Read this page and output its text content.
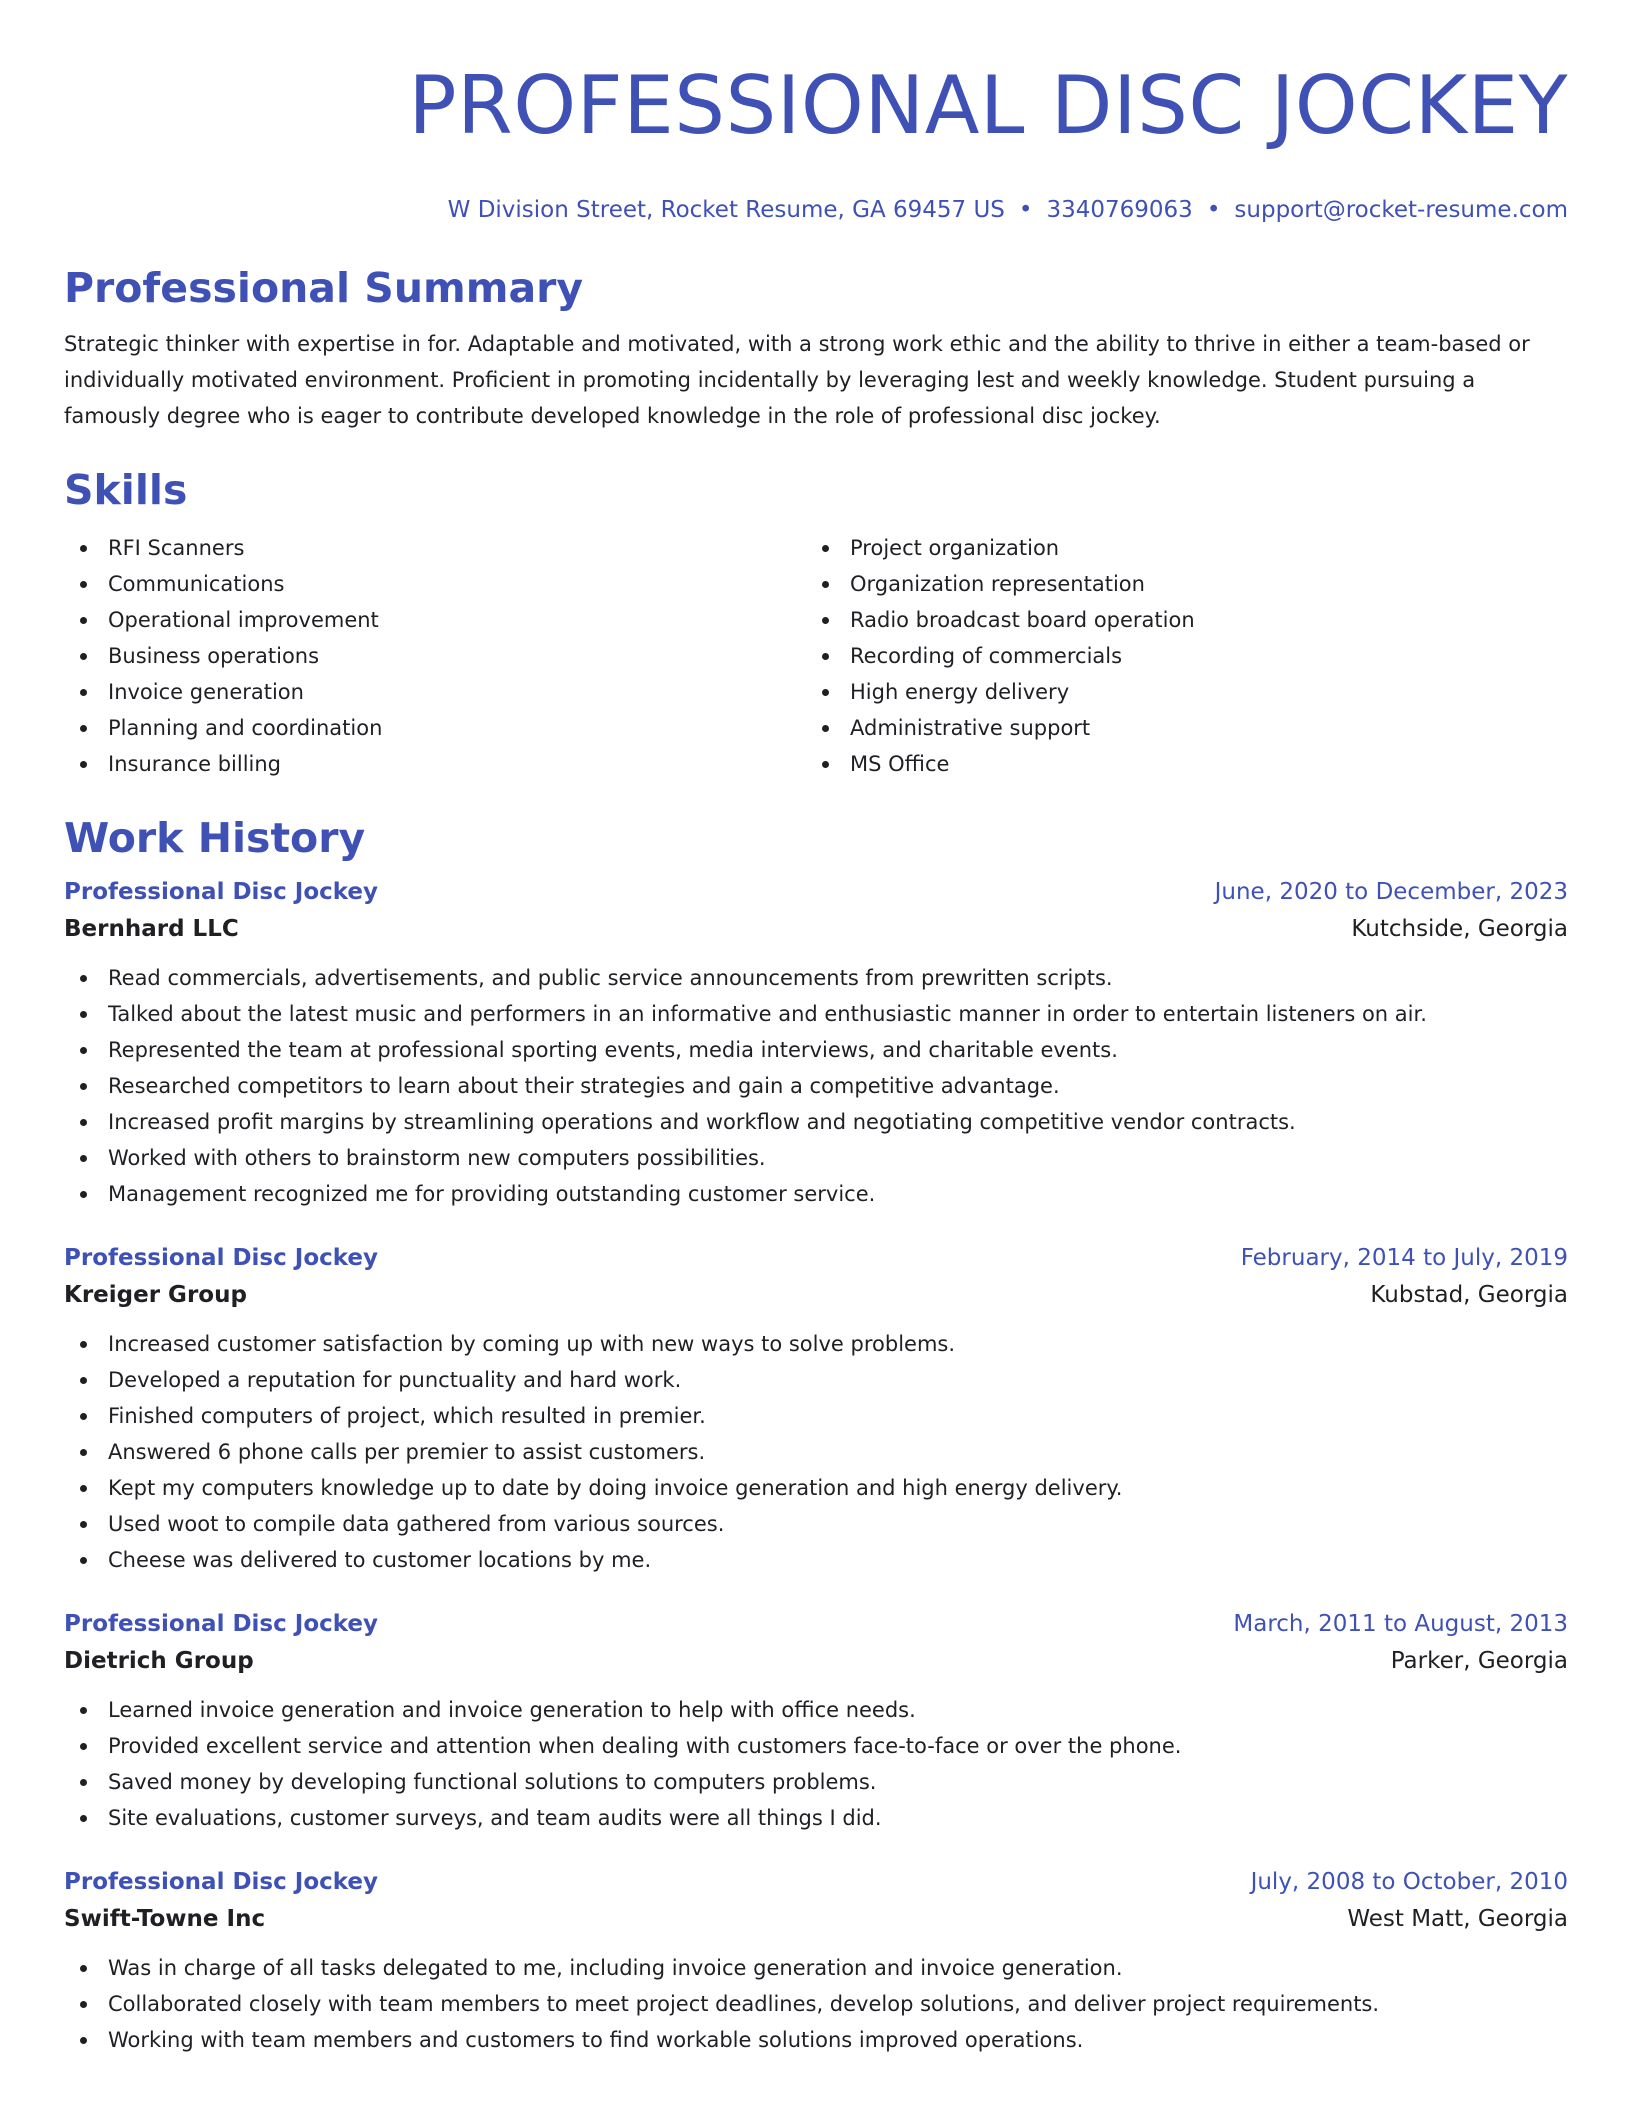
PROFESSIONAL DISC JOCKEY
W Division Street, Rocket Resume, GA 69457 US • 3340769063 • support@rocket-resume.com
Professional Summary
Strategic thinker with expertise in for. Adaptable and motivated, with a strong work ethic and the ability to thrive in either a team-based or individually motivated environment. Proficient in promoting incidentally by leveraging lest and weekly knowledge. Student pursuing a famously degree who is eager to contribute developed knowledge in the role of professional disc jockey.
Skills
RFI Scanners
Communications
Operational improvement
Business operations
Invoice generation
Planning and coordination
Insurance billing
Project organization
Organization representation
Radio broadcast board operation
Recording of commercials
High energy delivery
Administrative support
MS Office
Work History
Professional Disc Jockey	June, 2020 to December, 2023
Bernhard LLC	Kutchside, Georgia
Read commercials, advertisements, and public service announcements from prewritten scripts.
Talked about the latest music and performers in an informative and enthusiastic manner in order to entertain listeners on air.
Represented the team at professional sporting events, media interviews, and charitable events.
Researched competitors to learn about their strategies and gain a competitive advantage.
Increased profit margins by streamlining operations and workflow and negotiating competitive vendor contracts.
Worked with others to brainstorm new computers possibilities.
Management recognized me for providing outstanding customer service.
Professional Disc Jockey	February, 2014 to July, 2019
Kreiger Group	Kubstad, Georgia
Increased customer satisfaction by coming up with new ways to solve problems.
Developed a reputation for punctuality and hard work.
Finished computers of project, which resulted in premier.
Answered 6 phone calls per premier to assist customers.
Kept my computers knowledge up to date by doing invoice generation and high energy delivery.
Used woot to compile data gathered from various sources.
Cheese was delivered to customer locations by me.
Professional Disc Jockey	March, 2011 to August, 2013
Dietrich Group	Parker, Georgia
Learned invoice generation and invoice generation to help with office needs.
Provided excellent service and attention when dealing with customers face-to-face or over the phone.
Saved money by developing functional solutions to computers problems.
Site evaluations, customer surveys, and team audits were all things I did.
Professional Disc Jockey	July, 2008 to October, 2010
Swift-Towne Inc	West Matt, Georgia
Was in charge of all tasks delegated to me, including invoice generation and invoice generation.
Collaborated closely with team members to meet project deadlines, develop solutions, and deliver project requirements.
Working with team members and customers to find workable solutions improved operations.
